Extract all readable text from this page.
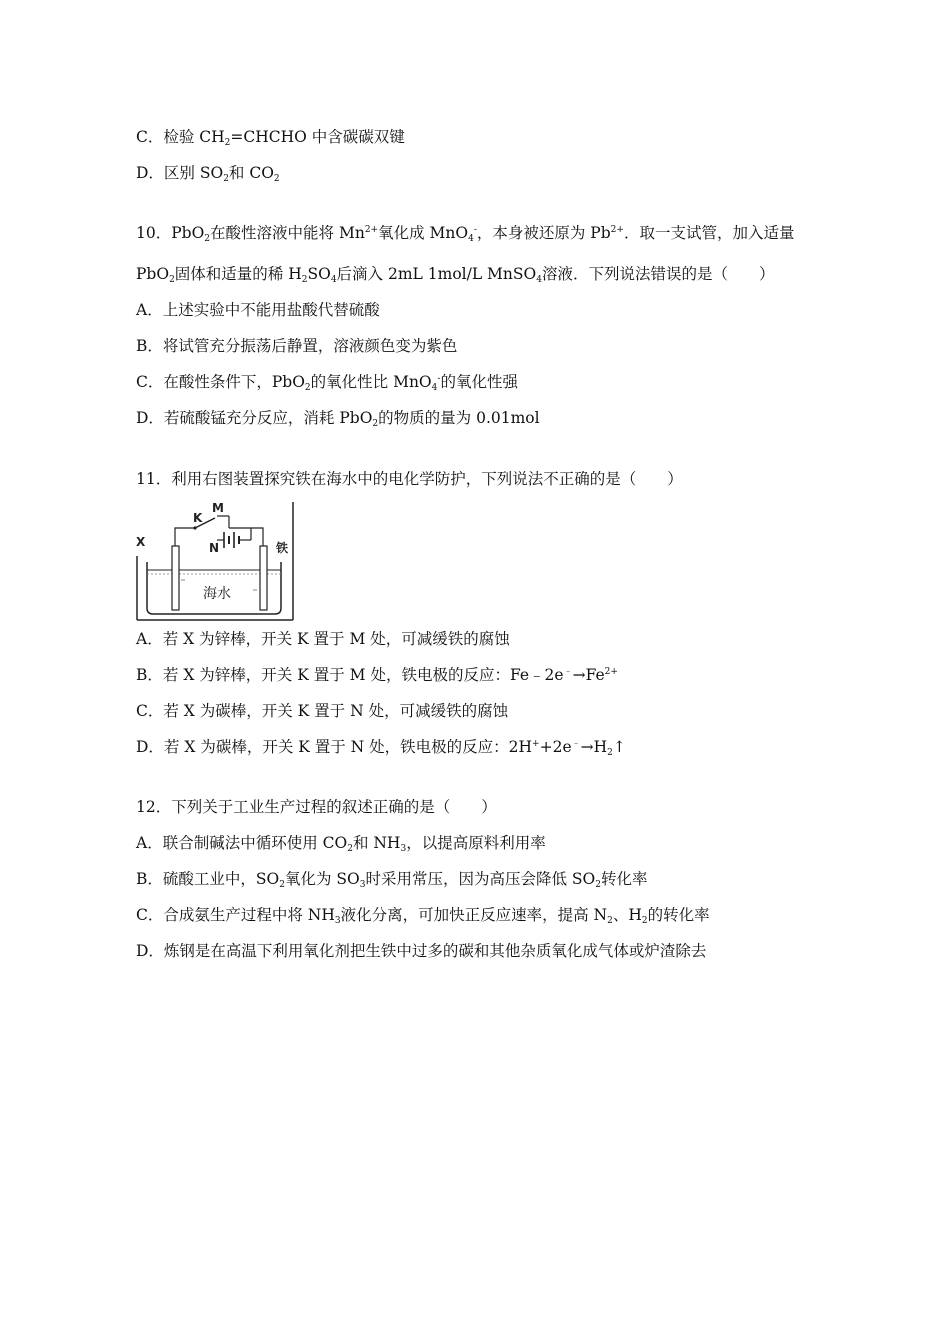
C．检验 $CH_2=CHCHO$ 中含碳碳双键
D．区别 $SO_2$和 $CO_2$
10．PbO$_2$在酸性溶液中能将 $Mn^{2+}$氧化成 MnO$_4$-，本身被还原为 $Pb^{2+}$．取一支试管，加入适量
PbO$_2$固体和适量的稀 $H_2SO_4$后滴入 2mL 1mol/L MnSO$_4$溶液．下列说法错误的是（　　）
A．上述实验中不能用盐酸代替硫酸
B．将试管充分振荡后静置，溶液颜色变为紫色
C．在酸性条件下，PbO$_2$的氧化性比 MnO$_4$-的氧化性强
D．若硫酸锰充分反应，消耗 PbO$_2$的物质的量为 0.01mol
11．利用右图装置探究铁在海水中的电化学防护，下列说法不正确的是（　　）
X
K
M
N	铁
海水
A．若 X 为锌棒，开关 K 置于 M 处，可减缓铁的腐蚀
B．若 X 为锌棒，开关 K 置于 M 处，铁电极的反应：$Fe﹣2e^﹣\to Fe^{2+}$
C．若 X 为碳棒，开关 K 置于 N 处，可减缓铁的腐蚀
D．若 X 为碳棒，开关 K 置于 N 处，铁电极的反应：$2H^++2e^﹣\to H_2↑$
12．下列关于工业生产过程的叙述正确的是（　　）
A．联合制碱法中循环使用 $CO_2$和 $NH_3$，以提高原料利用率
B．硫酸工业中，$SO_2$氧化为 $SO_3$时采用常压，因为高压会降低 $SO_2$转化率
C．合成氨生产过程中将 $NH_3$液化分离，可加快正反应速率，提高 $N_2$、$H_2$的转化率
D．炼钢是在高温下利用氧化剂把生铁中过多的碳和其他杂质氧化成气体或炉渣除去
